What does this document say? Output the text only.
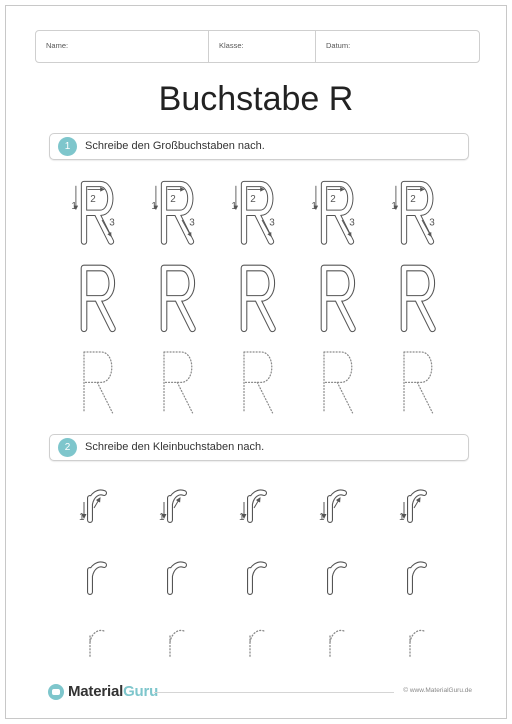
Name:	Klasse:	Datum:
Buchstabe R
1	Schreibe den Großbuchstaben nach.
2	Schreibe den Kleinbuchstaben nach.
1
2
3
1
2
3
1
2
3
1
2
3
1
2
3
1	1	1	1	1
MaterialGuru	© www.MaterialGuru.de
